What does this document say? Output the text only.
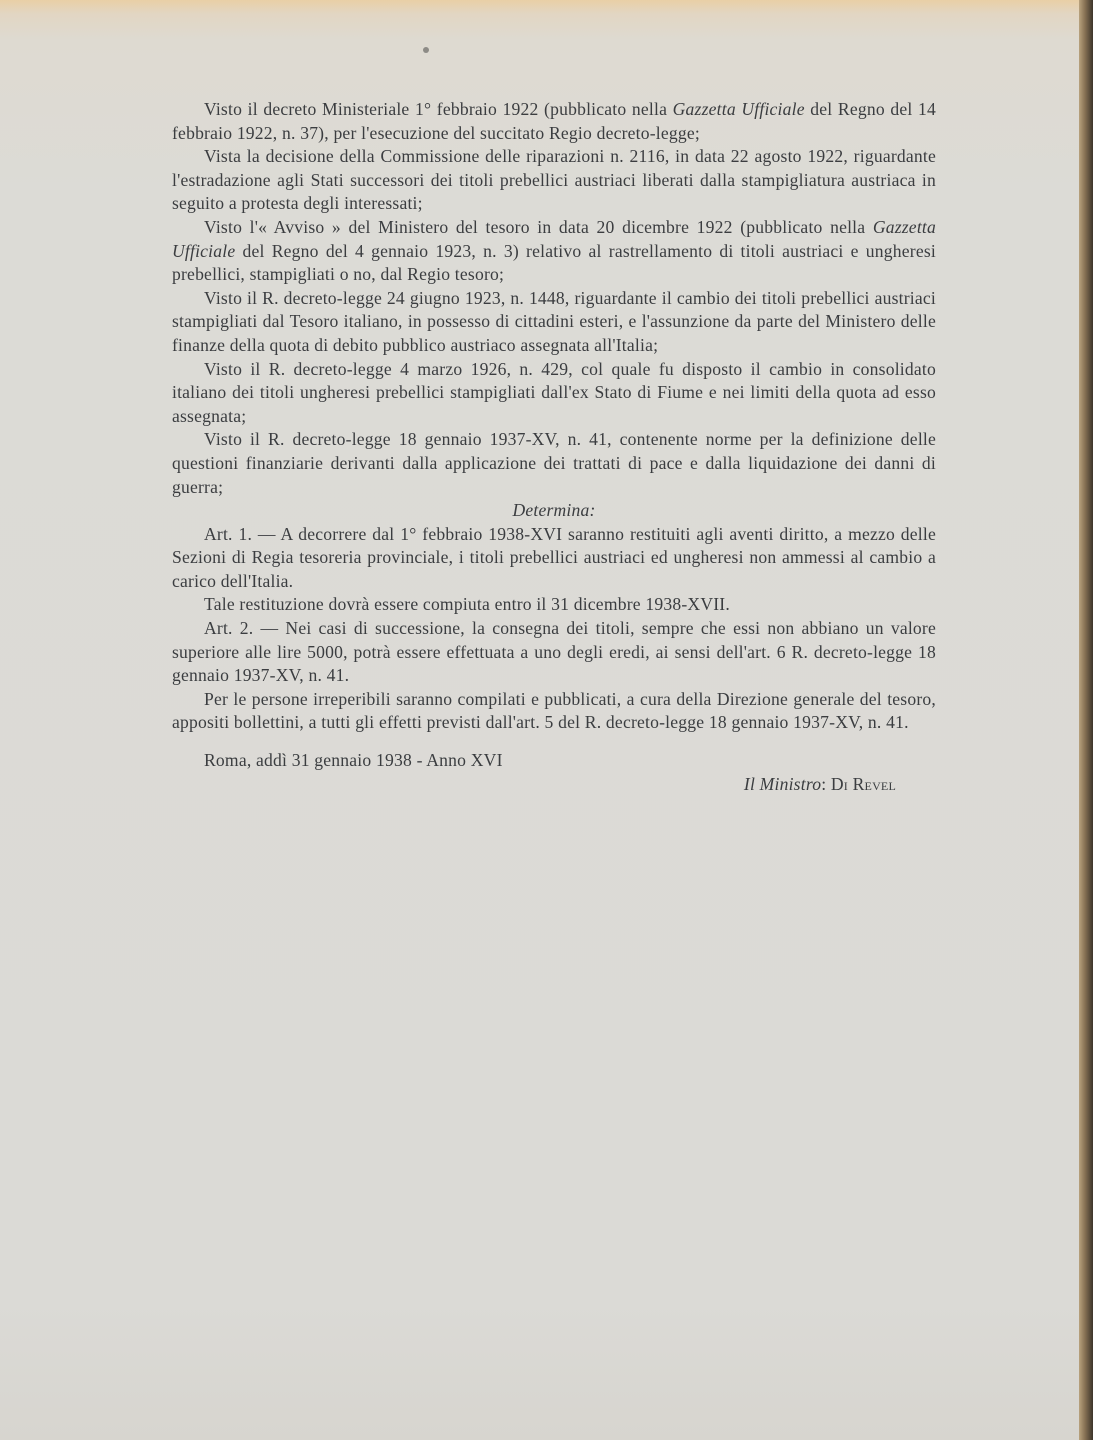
Visto il decreto Ministeriale 1° febbraio 1922 (pubblicato nella Gazzetta Ufficiale del Regno del 14 febbraio 1922, n. 37), per l'esecuzione del succitato Regio decreto-legge;

Vista la decisione della Commissione delle riparazioni n. 2116, in data 22 agosto 1922, riguardante l'estradazione agli Stati successori dei titoli prebellici austriaci liberati dalla stampigliatura austriaca in seguito a protesta degli interessati;

Visto l'« Avviso » del Ministero del tesoro in data 20 dicembre 1922 (pubblicato nella Gazzetta Ufficiale del Regno del 4 gennaio 1923, n. 3) relativo al rastrellamento di titoli austriaci e ungheresi prebellici, stampigliati o no, dal Regio tesoro;

Visto il R. decreto-legge 24 giugno 1923, n. 1448, riguardante il cambio dei titoli prebellici austriaci stampigliati dal Tesoro italiano, in possesso di cittadini esteri, e l'assunzione da parte del Ministero delle finanze della quota di debito pubblico austriaco assegnata all'Italia;

Visto il R. decreto-legge 4 marzo 1926, n. 429, col quale fu disposto il cambio in consolidato italiano dei titoli ungheresi prebellici stampigliati dall'ex Stato di Fiume e nei limiti della quota ad esso assegnata;

Visto il R. decreto-legge 18 gennaio 1937-XV, n. 41, contenente norme per la definizione delle questioni finanziarie derivanti dalla applicazione dei trattati di pace e dalla liquidazione dei danni di guerra;

Determina:

Art. 1. — A decorrere dal 1° febbraio 1938-XVI saranno restituiti agli aventi diritto, a mezzo delle Sezioni di Regia tesoreria provinciale, i titoli prebellici austriaci ed ungheresi non ammessi al cambio a carico dell'Italia.

Tale restituzione dovrà essere compiuta entro il 31 dicembre 1938-XVII.

Art. 2. — Nei casi di successione, la consegna dei titoli, sempre che essi non abbiano un valore superiore alle lire 5000, potrà essere effettuata a uno degli eredi, ai sensi dell'art. 6 R. decreto-legge 18 gennaio 1937-XV, n. 41.

Per le persone irreperibili saranno compilati e pubblicati, a cura della Direzione generale del tesoro, appositi bollettini, a tutti gli effetti previsti dall'art. 5 del R. decreto-legge 18 gennaio 1937-XV, n. 41.

Roma, addì 31 gennaio 1938 - Anno XVI

Il Ministro: Di Revel
